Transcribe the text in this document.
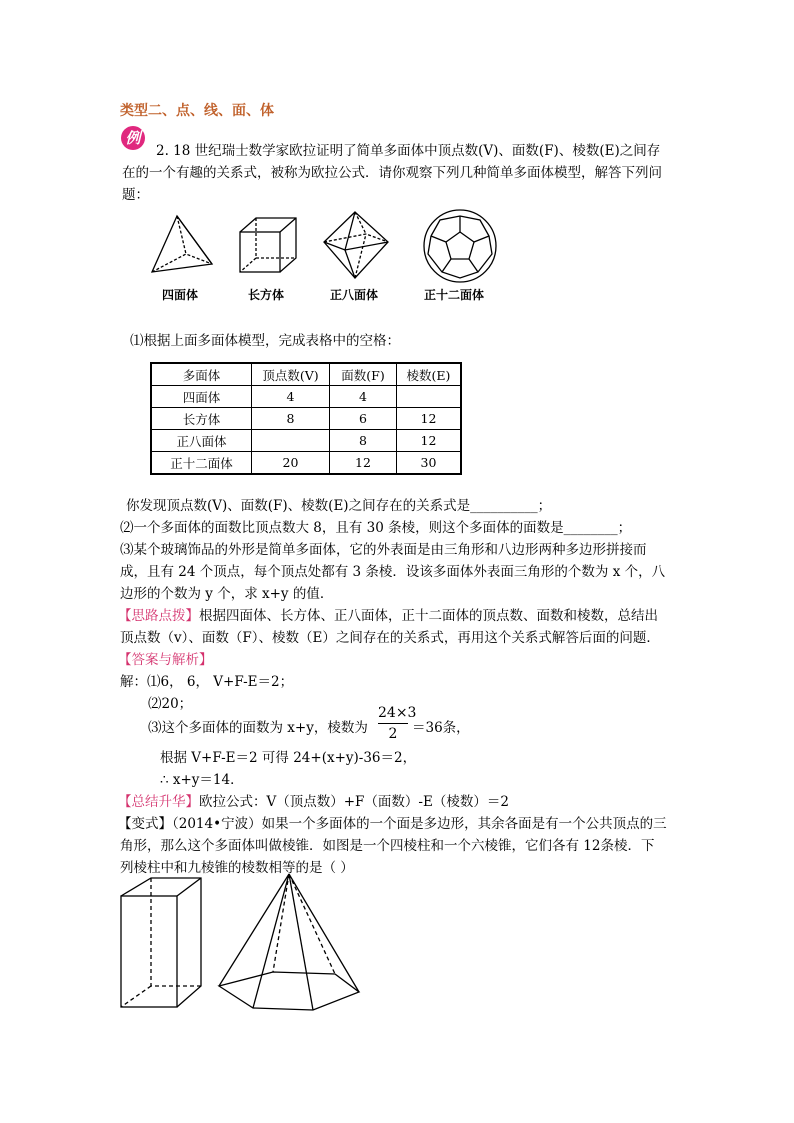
类型二、点、线、面、体
例
2. 18 世纪瑞士数学家欧拉证明了简单多面体中顶点数(V)、面数(F)、棱数(E)之间存
在的一个有趣的关系式，被称为欧拉公式．请你观察下列几种简单多面体模型，解答下列问
题：
四面体	长方体	正八面体	正十二面体
⑴根据上面多面体模型，完成表格中的空格：
多面体	顶点数(V)	面数(F)	棱数(E)
四面体	4	4	
长方体	8	6	12
正八面体		8	12
正十二面体	20	12	30
你发现顶点数(V)、面数(F)、棱数(E)之间存在的关系式是__________；
⑵一个多面体的面数比顶点数大 8，且有 30 条棱，则这个多面体的面数是________；
⑶某个玻璃饰品的外形是简单多面体，它的外表面是由三角形和八边形两种多边形拼接而
成，且有 24 个顶点，每个顶点处都有 3 条棱．设该多面体外表面三角形的个数为 x 个，八
边形的个数为 y 个，求 x+y 的值．
【思路点拨】根据四面体、长方体、正八面体，正十二面体的顶点数、面数和棱数，总结出
顶点数（v）、面数（F）、棱数（E）之间存在的关系式，再用这个关系式解答后面的问题．
【答案与解析】
解：⑴6， 6， V+F-E＝2；
⑵20；
⑶这个多面体的面数为 x+y，棱数为
24×3
2	＝36条，
根据 V+F-E＝2 可得 24+(x+y)-36＝2，
∴ x+y＝14．
【总结升华】欧拉公式：V（顶点数）+F（面数）-E（棱数）＝2
【变式】（2014•宁波）如果一个多面体的一个面是多边形，其余各面是有一个公共顶点的三
角形，那么这个多面体叫做棱锥．如图是一个四棱柱和一个六棱锥，它们各有 12条棱．下
列棱柱中和九棱锥的棱数相等的是（ ）
